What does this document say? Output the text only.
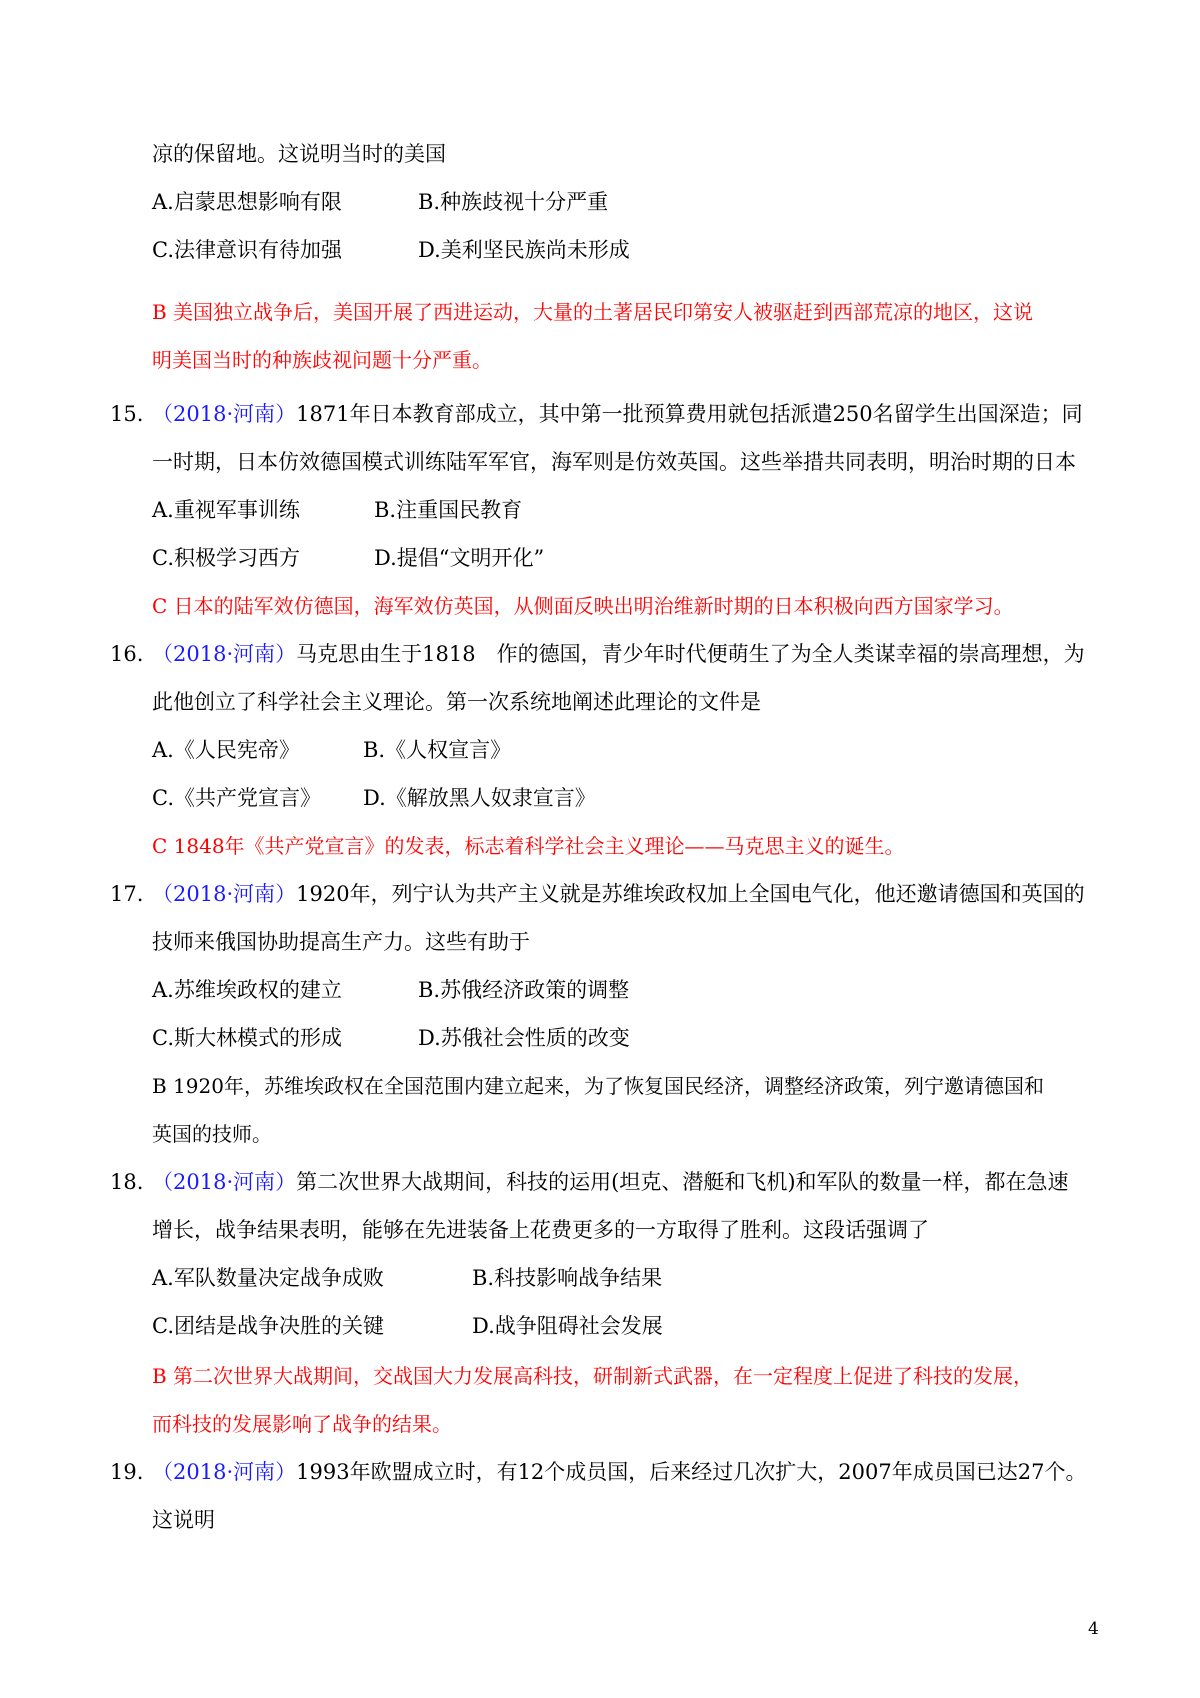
凉的保留地。这说明当时的美国
A.启蒙思想影响有限	B.种族歧视十分严重
C.法律意识有待加强	D.美利坚民族尚未形成
B 美国独立战争后，美国开展了西进运动，大量的土著居民印第安人被驱赶到西部荒凉的地区，这说
明美国当时的种族歧视问题十分严重。
15. （2018·河南）1871年日本教育部成立，其中第一批预算费用就包括派遣250名留学生出国深造；同
一时期，日本仿效德国模式训练陆军军官，海军则是仿效英国。这些举措共同表明，明治时期的日本
A.重视军事训练	B.注重国民教育
C.积极学习西方	D.提倡“文明开化”
C 日本的陆军效仿德国，海军效仿英国，从侧面反映出明治维新时期的日本积极向西方国家学习。
16. （2018·河南）马克思由生于1818　作的德国，青少年时代便萌生了为全人类谋幸福的崇高理想，为
此他创立了科学社会主义理论。第一次系统地阐述此理论的文件是
A.《人民宪帝》	B.《人权宣言》
C.《共产党宣言》 D.《解放黑人奴隶宣言》
C 1848年《共产党宣言》的发表，标志着科学社会主义理论——马克思主义的诞生。
17. （2018·河南）1920年，列宁认为共产主义就是苏维埃政权加上全国电气化，他还邀请德国和英国的
技师来俄国协助提高生产力。这些有助于
A.苏维埃政权的建立	B.苏俄经济政策的调整
C.斯大林模式的形成	D.苏俄社会性质的改变
B 1920年，苏维埃政权在全国范围内建立起来，为了恢复国民经济，调整经济政策，列宁邀请德国和
英国的技师。
18. （2018·河南）第二次世界大战期间，科技的运用(坦克、潜艇和飞机)和军队的数量一样，都在急速
增长，战争结果表明，能够在先进装备上花费更多的一方取得了胜利。这段话强调了
A.军队数量决定战争成败	B.科技影响战争结果
C.团结是战争决胜的关键	D.战争阻碍社会发展
B 第二次世界大战期间，交战国大力发展高科技，研制新式武器，在一定程度上促进了科技的发展，
而科技的发展影响了战争的结果。
19. （2018·河南）1993年欧盟成立时，有12个成员国，后来经过几次扩大，2007年成员国已达27个。
这说明
4
